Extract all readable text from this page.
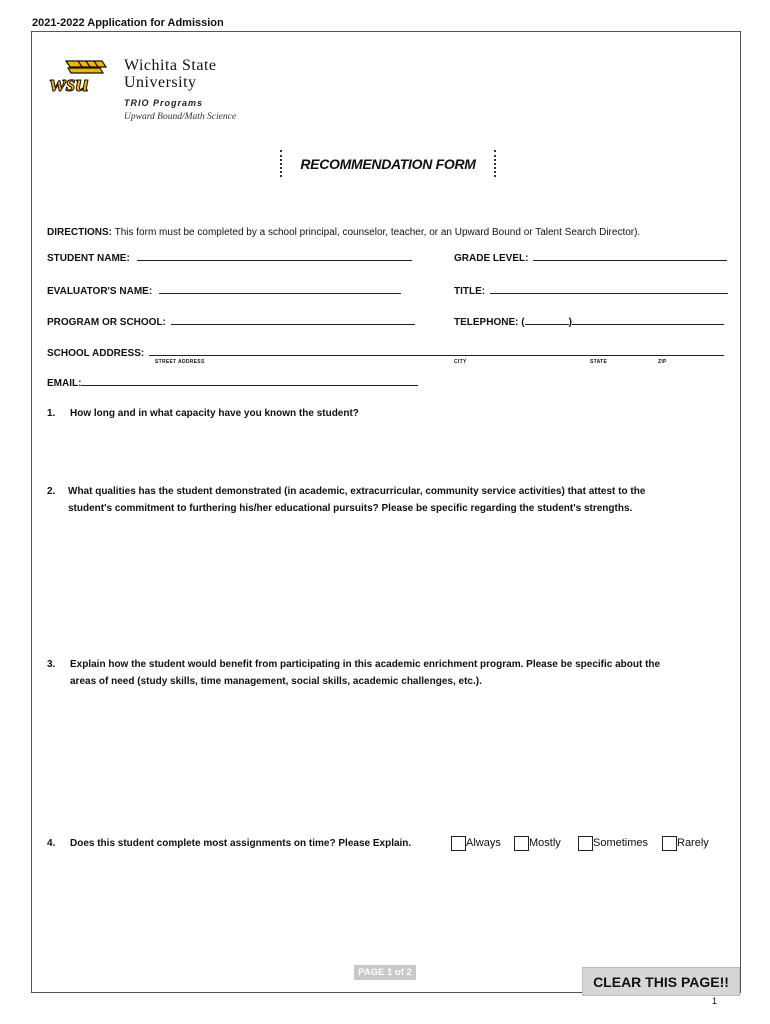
2021-2022 Application for Admission
wsu
Wichita State
University
TRIO Programs
Upward Bound/Math Science
RECOMMENDATION FORM
DIRECTIONS: This form must be completed by a school principal, counselor, teacher, or an Upward Bound or Talent Search Director).
STUDENT NAME:	GRADE LEVEL:
EVALUATOR'S NAME:	TITLE:
PROGRAM OR SCHOOL:	TELEPHONE: (	)
SCHOOL ADDRESS:
STREET ADDRESS	CITY	STATE	ZIP
EMAIL:
1. How long and in what capacity have you known the student?
2. What qualities has the student demonstrated (in academic, extracurricular, community service activities) that attest to the
student's commitment to furthering his/her educational pursuits? Please be specific regarding the student's strengths.
3. Explain how the student would benefit from participating in this academic enrichment program. Please be specific about the
areas of need (study skills, time management, social skills, academic challenges, etc.).
4. Does this student complete most assignments on time? Please Explain.	Always	Mostly	Sometimes	Rarely
PAGE 1 of 2
CLEAR THIS PAGE!!
1
